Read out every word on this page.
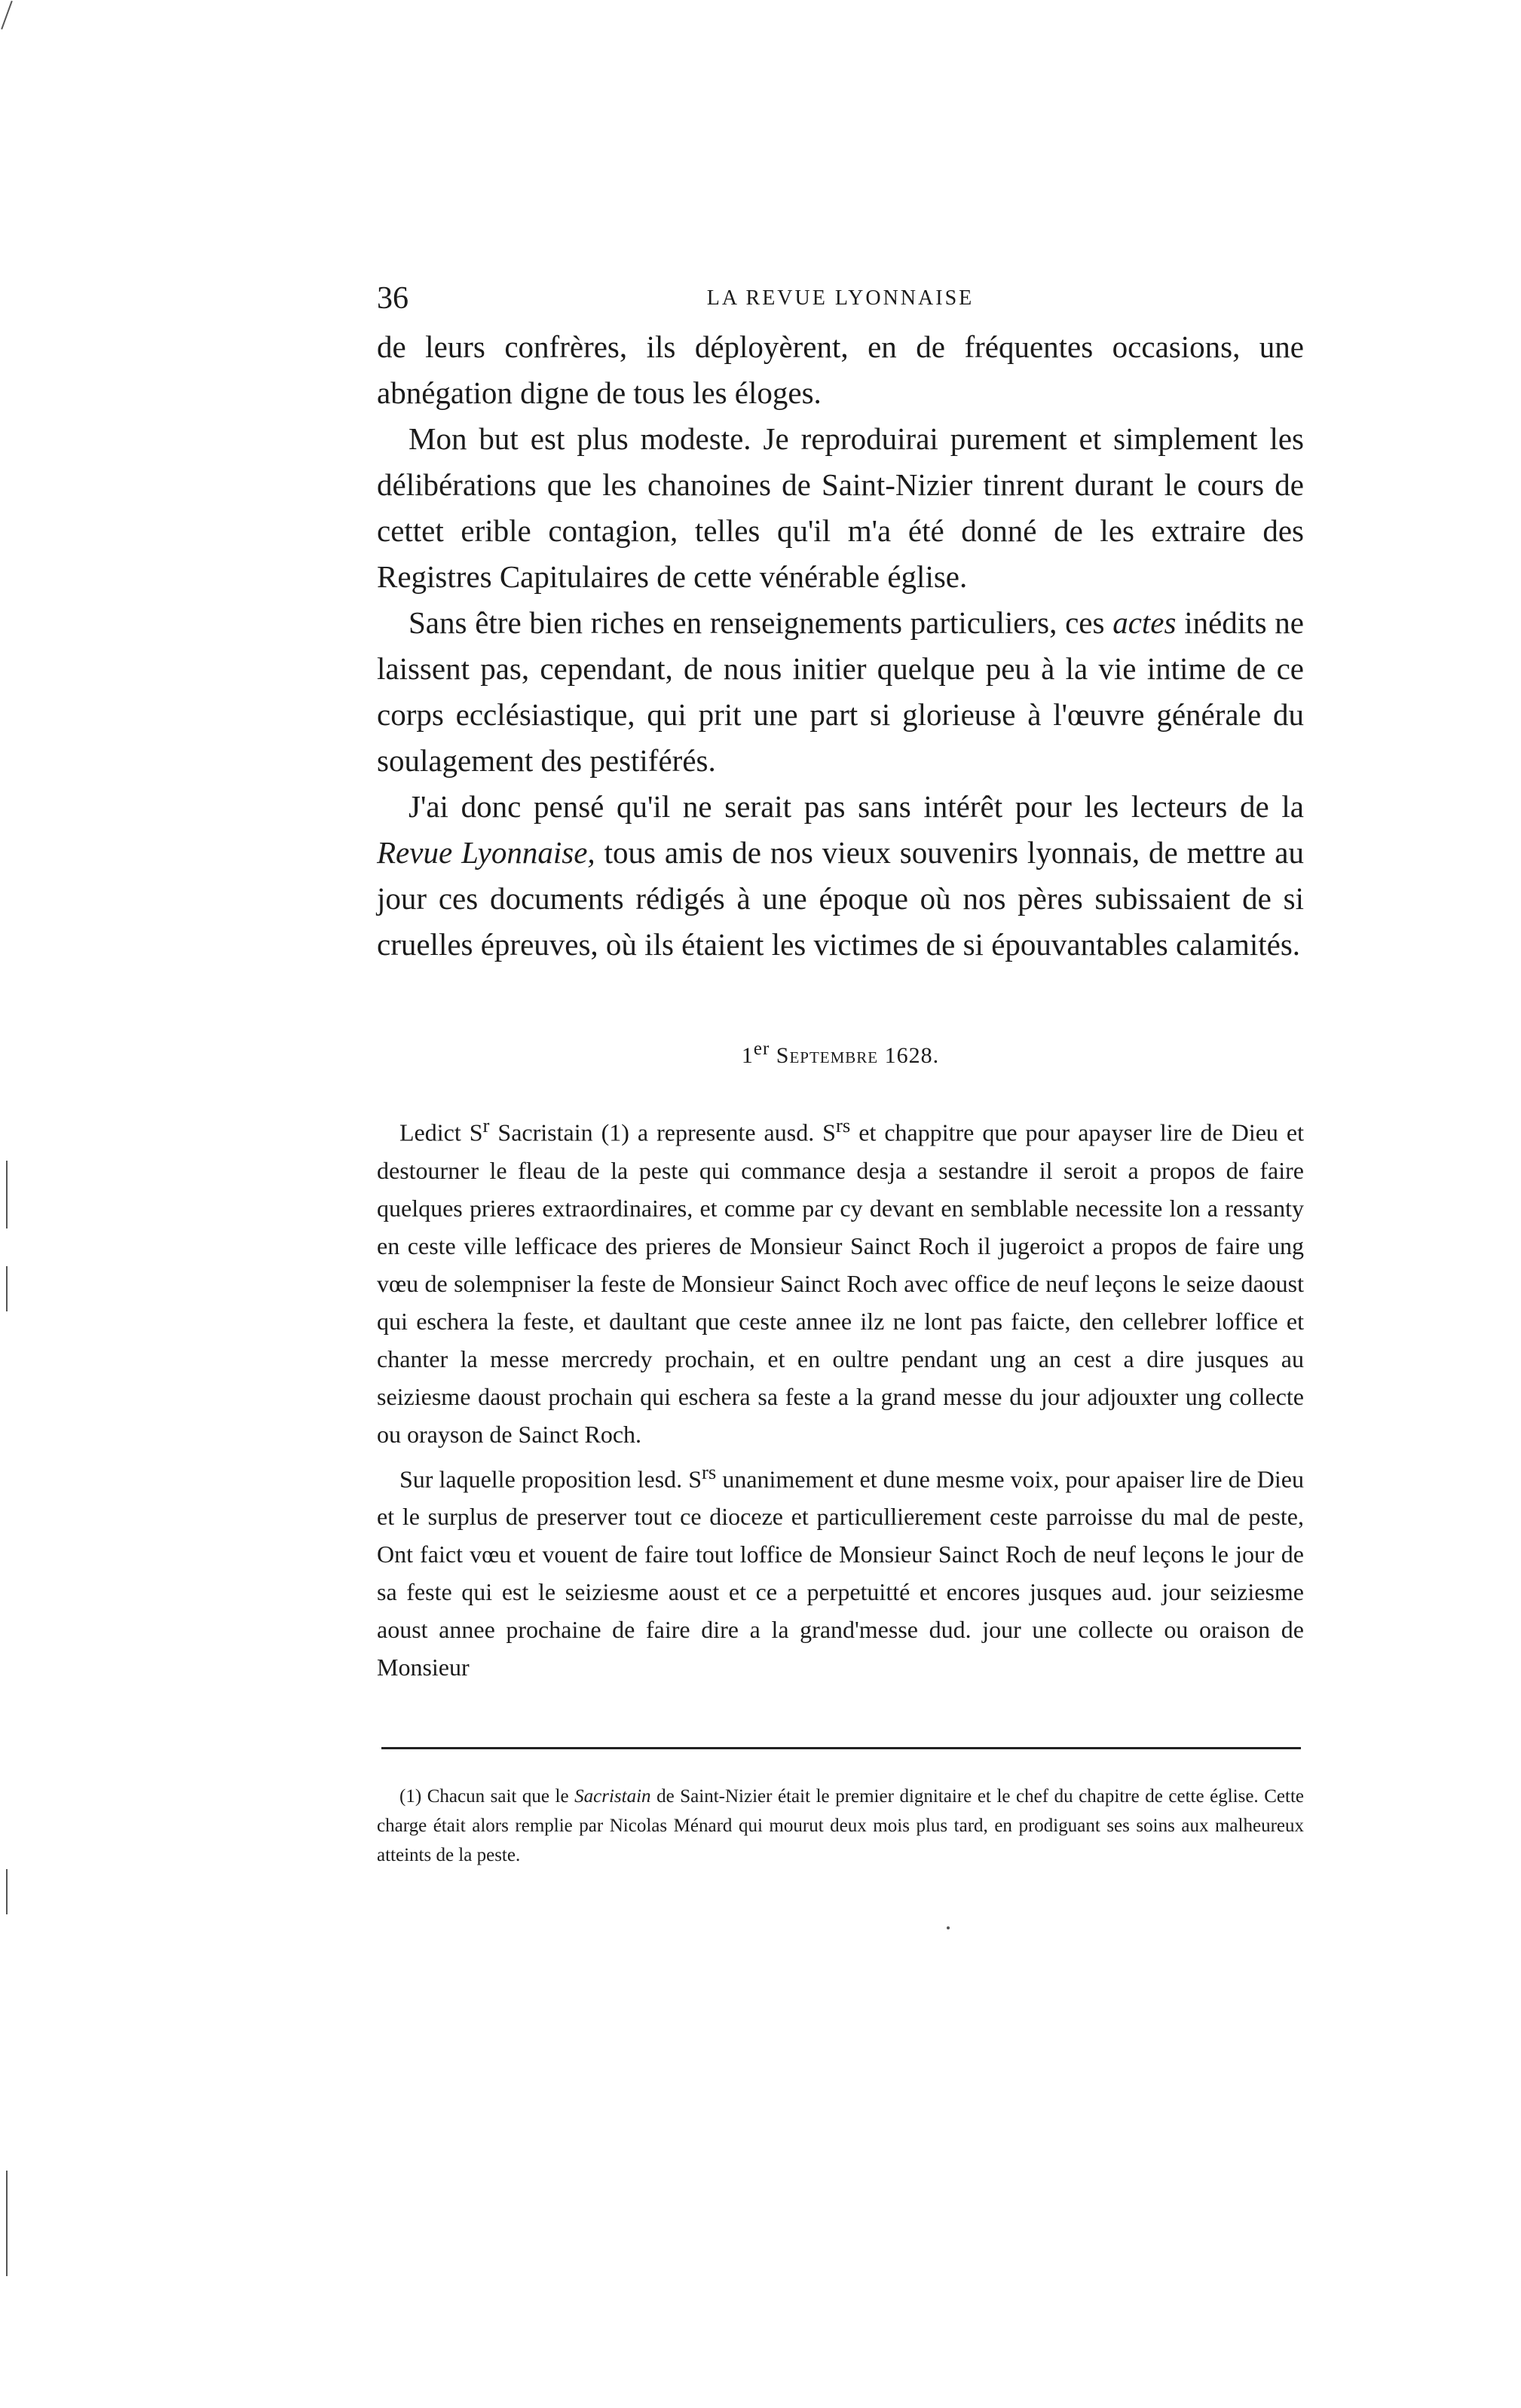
36	LA REVUE LYONNAISE

de leurs confrères, ils déployèrent, en de fréquentes occasions, une abnégation digne de tous les éloges.

Mon but est plus modeste. Je reproduirai purement et simplement les délibérations que les chanoines de Saint-Nizier tinrent durant le cours de cettet erible contagion, telles qu'il m'a été donné de les extraire des Registres Capitulaires de cette vénérable église.

Sans être bien riches en renseignements particuliers, ces actes inédits ne laissent pas, cependant, de nous initier quelque peu à la vie intime de ce corps ecclésiastique, qui prit une part si glorieuse à l'œuvre générale du soulagement des pestiférés.

J'ai donc pensé qu'il ne serait pas sans intérêt pour les lecteurs de la Revue Lyonnaise, tous amis de nos vieux souvenirs lyonnais, de mettre au jour ces documents rédigés à une époque où nos pères subissaient de si cruelles épreuves, où ils étaient les victimes de si épouvantables calamités.

1er Septembre 1628.

Ledict $S^r$ Sacristain (1) a represente ausd. $S^{rs}$ et chappitre que pour apayser lire de Dieu et destourner le fleau de la peste qui commance desja a sestandre il seroit a propos de faire quelques prieres extraordinaires, et comme par cy devant en semblable necessite lon a ressanty en ceste ville lefficace des prieres de Monsieur Sainct Roch il jugeroict a propos de faire ung vœu de solempniser la feste de Monsieur Sainct Roch avec office de neuf leçons le seize daoust qui eschera la feste, et daultant que ceste annee ilz ne lont pas faicte, den cellebrer loffice et chanter la messe mercredy prochain, et en oultre pendant ung an cest a dire jusques au seiziesme daoust prochain qui eschera sa feste a la grand messe du jour adjouxter ung collecte ou orayson de Sainct Roch.

Sur laquelle proposition lesd. $S^{rs}$ unanimement et dune mesme voix, pour apaiser lire de Dieu et le surplus de preserver tout ce dioceze et particullierement ceste parroisse du mal de peste, Ont faict vœu et vouent de faire tout loffice de Monsieur Sainct Roch de neuf leçons le jour de sa feste qui est le seiziesme aoust et ce a perpetuitté et encores jusques aud. jour seiziesme aoust annee prochaine de faire dire a la grand'messe dud. jour une collecte ou oraison de Monsieur

(1) Chacun sait que le Sacristain de Saint-Nizier était le premier dignitaire et le chef du chapitre de cette église. Cette charge était alors remplie par Nicolas Ménard qui mourut deux mois plus tard, en prodiguant ses soins aux malheureux atteints de la peste.
